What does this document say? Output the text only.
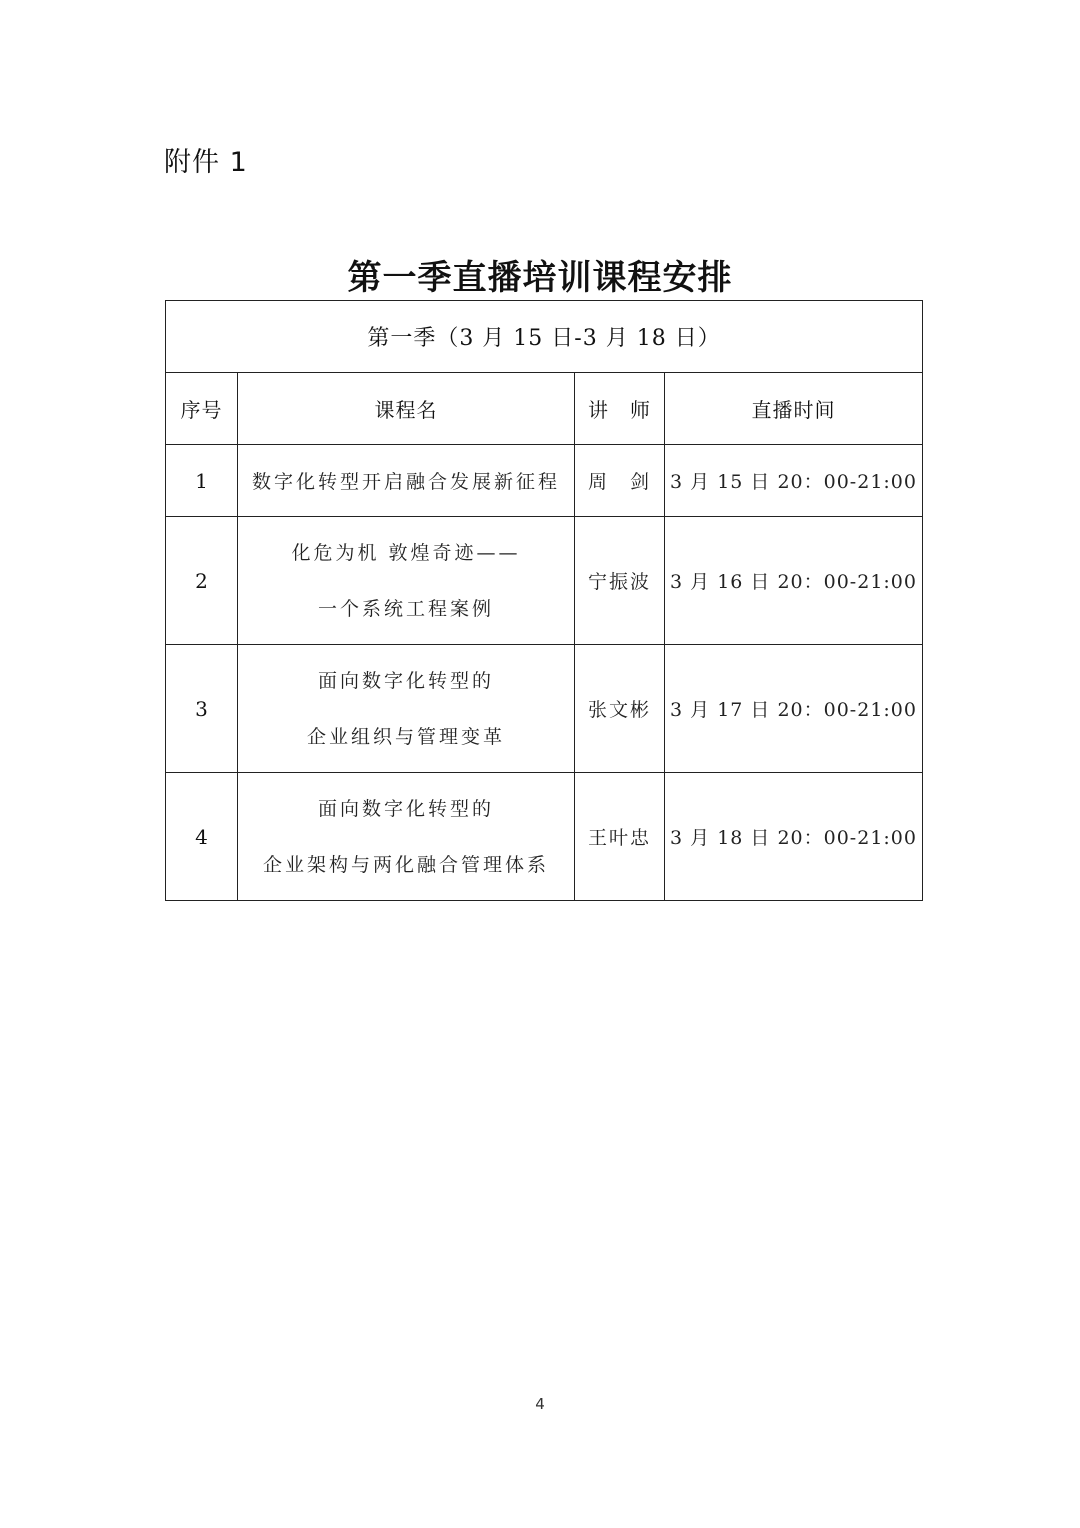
附件 1
第一季直播培训课程安排
第一季（3 月 15 日-3 月 18 日）			
序号	课程名	讲　师	直播时间
1	数字化转型开启融合发展新征程	周　剑	3 月 15 日 20：00-21:00
2	化危为机 敦煌奇迹——
一个系统工程案例	宁振波	3 月 16 日 20：00-21:00
3	面向数字化转型的
企业组织与管理变革	张文彬	3 月 17 日 20：00-21:00
4	面向数字化转型的
企业架构与两化融合管理体系	王叶忠	3 月 18 日 20：00-21:00
4
